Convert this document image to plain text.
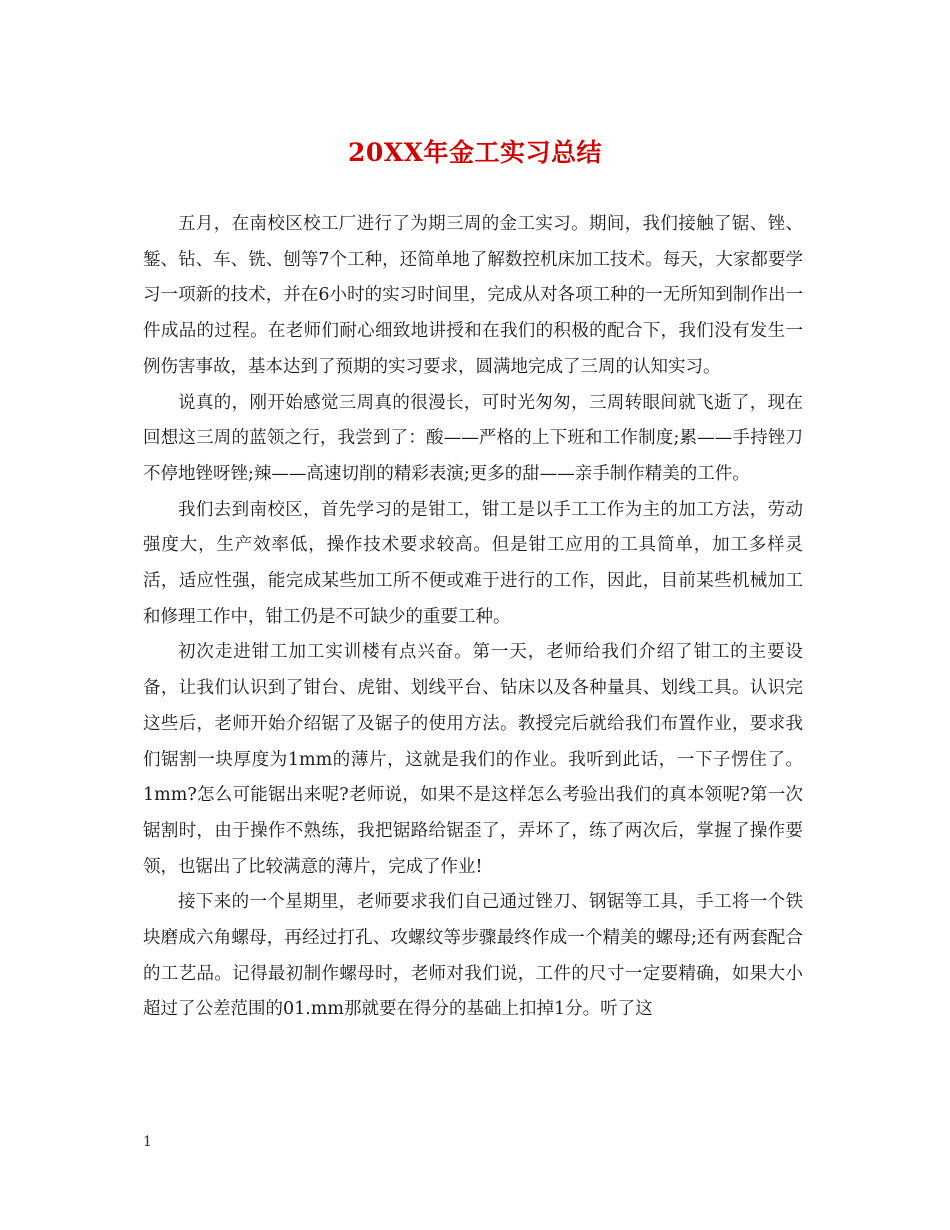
20XX年金工实习总结

五月，在南校区校工厂进行了为期三周的金工实习。期间，我们接触了锯、锉、錾、钻、车、铣、刨等7个工种，还简单地了解数控机床加工技术。每天，大家都要学习一项新的技术，并在6小时的实习时间里，完成从对各项工种的一无所知到制作出一件成品的过程。在老师们耐心细致地讲授和在我们的积极的配合下，我们没有发生一例伤害事故，基本达到了预期的实习要求，圆满地完成了三周的认知实习。

说真的，刚开始感觉三周真的很漫长，可时光匆匆，三周转眼间就飞逝了，现在回想这三周的蓝领之行，我尝到了：酸——严格的上下班和工作制度;累——手持锉刀不停地锉呀锉;辣——高速切削的精彩表演;更多的甜——亲手制作精美的工件。

我们去到南校区，首先学习的是钳工，钳工是以手工工作为主的加工方法，劳动强度大，生产效率低，操作技术要求较高。但是钳工应用的工具简单，加工多样灵活，适应性强，能完成某些加工所不便或难于进行的工作，因此，目前某些机械加工和修理工作中，钳工仍是不可缺少的重要工种。

初次走进钳工加工实训楼有点兴奋。第一天，老师给我们介绍了钳工的主要设备，让我们认识到了钳台、虎钳、划线平台、钻床以及各种量具、划线工具。认识完这些后，老师开始介绍锯了及锯子的使用方法。教授完后就给我们布置作业，要求我们锯割一块厚度为1mm的薄片，这就是我们的作业。我听到此话，一下子愣住了。1mm?怎么可能锯出来呢?老师说，如果不是这样怎么考验出我们的真本领呢?第一次锯割时，由于操作不熟练，我把锯路给锯歪了，弄坏了，练了两次后，掌握了操作要领，也锯出了比较满意的薄片，完成了作业!

接下来的一个星期里，老师要求我们自己通过锉刀、钢锯等工具，手工将一个铁块磨成六角螺母，再经过打孔、攻螺纹等步骤最终作成一个精美的螺母;还有两套配合的工艺品。记得最初制作螺母时，老师对我们说，工件的尺寸一定要精确，如果大小超过了公差范围的01.mm那就要在得分的基础上扣掉1分。听了这

1
